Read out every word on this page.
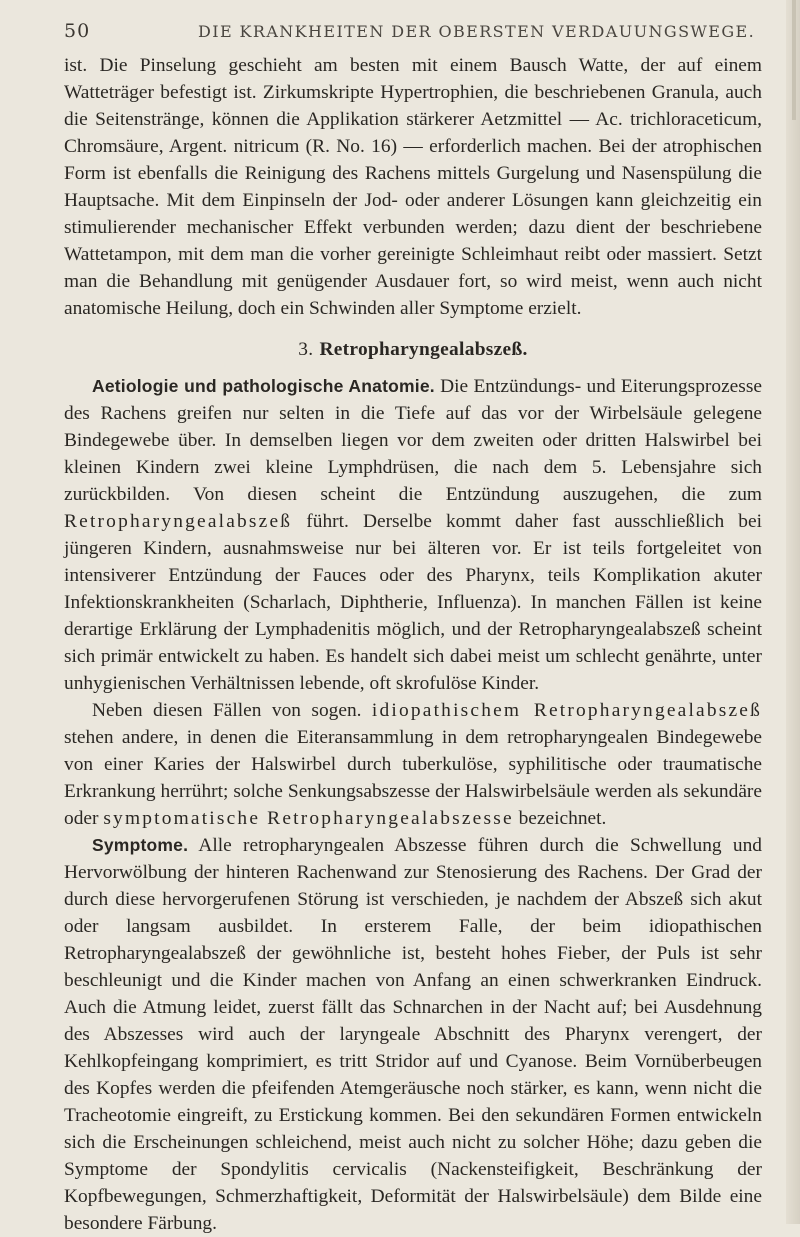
50	DIE KRANKHEITEN DER OBERSTEN VERDAUUNGSWEGE.

ist. Die Pinselung geschieht am besten mit einem Bausch Watte, der auf einem Watteträger befestigt ist. Zirkumskripte Hypertrophien, die beschriebenen Granula, auch die Seitenstränge, können die Applikation stärkerer Aetzmittel — Ac. trichloraceticum, Chromsäure, Argent. nitricum (R. No. 16) — erforderlich machen. Bei der atrophischen Form ist ebenfalls die Reinigung des Rachens mittels Gurgelung und Nasenspülung die Hauptsache. Mit dem Einpinseln der Jod- oder anderer Lösungen kann gleichzeitig ein stimulierender mechanischer Effekt verbunden werden; dazu dient der beschriebene Wattetampon, mit dem man die vorher gereinigte Schleimhaut reibt oder massiert. Setzt man die Behandlung mit genügender Ausdauer fort, so wird meist, wenn auch nicht anatomische Heilung, doch ein Schwinden aller Symptome erzielt.

3. Retropharyngealabszeß.

Aetiologie und pathologische Anatomie. Die Entzündungs- und Eiterungsprozesse des Rachens greifen nur selten in die Tiefe auf das vor der Wirbelsäule gelegene Bindegewebe über. In demselben liegen vor dem zweiten oder dritten Halswirbel bei kleinen Kindern zwei kleine Lymphdrüsen, die nach dem 5. Lebensjahre sich zurückbilden. Von diesen scheint die Entzündung auszugehen, die zum Retropharyngealabszeß führt. Derselbe kommt daher fast ausschließlich bei jüngeren Kindern, ausnahmsweise nur bei älteren vor. Er ist teils fortgeleitet von intensiverer Entzündung der Fauces oder des Pharynx, teils Komplikation akuter Infektionskrankheiten (Scharlach, Diphtherie, Influenza). In manchen Fällen ist keine derartige Erklärung der Lymphadenitis möglich, und der Retropharyngealabszeß scheint sich primär entwickelt zu haben. Es handelt sich dabei meist um schlecht genährte, unter unhygienischen Verhältnissen lebende, oft skrofulöse Kinder.

Neben diesen Fällen von sogen. idiopathischem Retropharyngealabszeß stehen andere, in denen die Eiteransammlung in dem retropharyngealen Bindegewebe von einer Karies der Halswirbel durch tuberkulöse, syphilitische oder traumatische Erkrankung herrührt; solche Senkungsabszesse der Halswirbelsäule werden als sekundäre oder symptomatische Retropharyngealabszesse bezeichnet.

Symptome. Alle retropharyngealen Abszesse führen durch die Schwellung und Hervorwölbung der hinteren Rachenwand zur Stenosierung des Rachens. Der Grad der durch diese hervorgerufenen Störung ist verschieden, je nachdem der Abszeß sich akut oder langsam ausbildet. In ersterem Falle, der beim idiopathischen Retropharyngealabszeß der gewöhnliche ist, besteht hohes Fieber, der Puls ist sehr beschleunigt und die Kinder machen von Anfang an einen schwerkranken Eindruck. Auch die Atmung leidet, zuerst fällt das Schnarchen in der Nacht auf; bei Ausdehnung des Abszesses wird auch der laryngeale Abschnitt des Pharynx verengert, der Kehlkopfeingang komprimiert, es tritt Stridor auf und Cyanose. Beim Vornüberbeugen des Kopfes werden die pfeifenden Atemgeräusche noch stärker, es kann, wenn nicht die Tracheotomie eingreift, zu Erstickung kommen. Bei den sekundären Formen entwickeln sich die Erscheinungen schleichend, meist auch nicht zu solcher Höhe; dazu geben die Symptome der Spondylitis cervicalis (Nackensteifigkeit, Beschränkung der Kopfbewegungen, Schmerzhaftigkeit, Deformität der Halswirbelsäule) dem Bilde eine besondere Färbung.
